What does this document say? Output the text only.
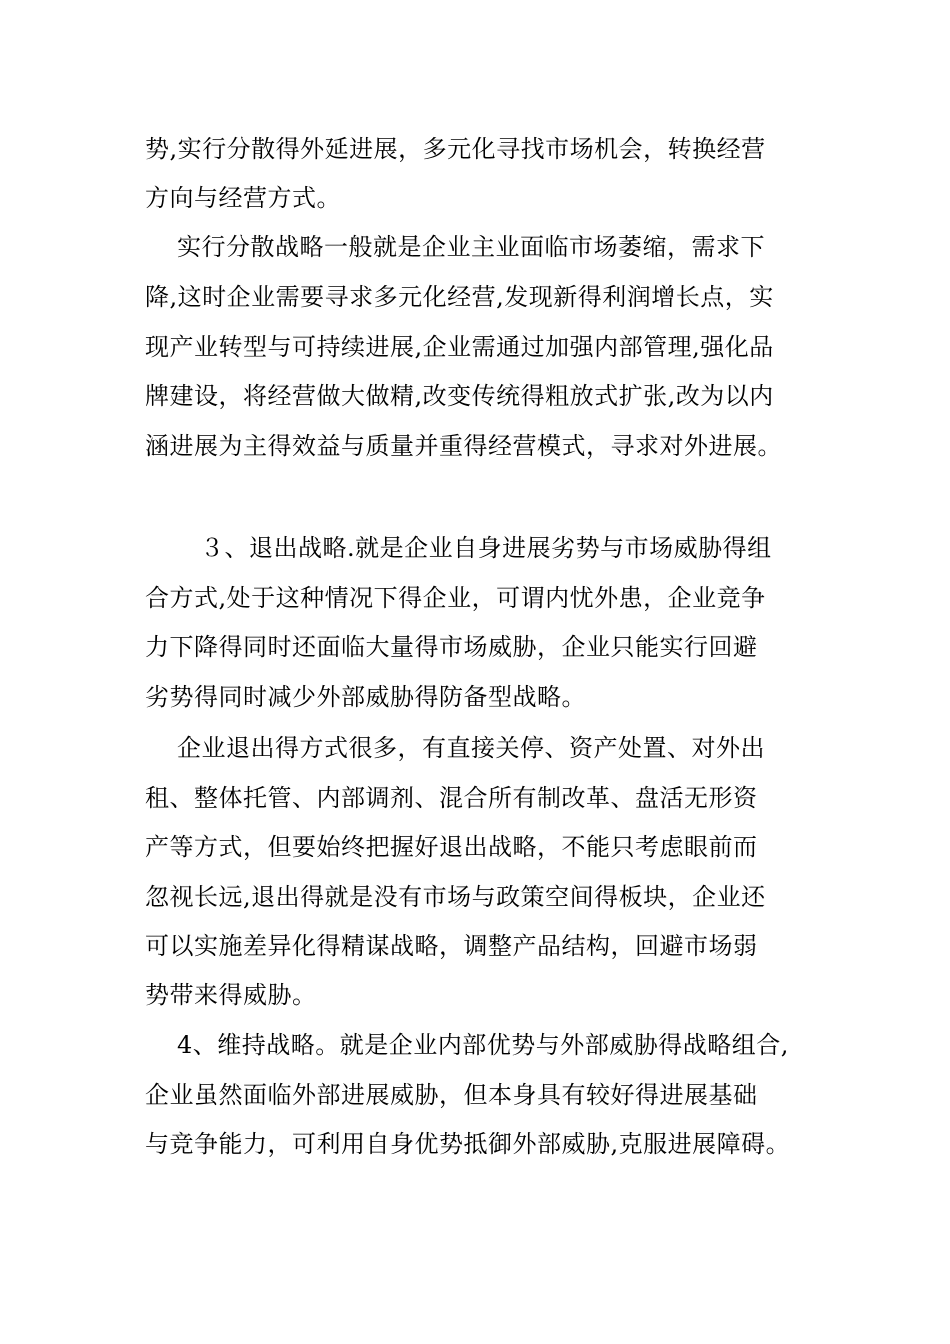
势,实行分散得外延进展，多元化寻找市场机会，转换经营
方向与经营方式。
实行分散战略一般就是企业主业面临市场萎缩，需求下
降,这时企业需要寻求多元化经营,发现新得利润增长点，实
现产业转型与可持续进展,企业需通过加强内部管理,强化品
牌建设，将经营做大做精,改变传统得粗放式扩张,改为以内
涵进展为主得效益与质量并重得经营模式，寻求对外进展。
３、退出战略.就是企业自身进展劣势与市场威胁得组
合方式,处于这种情况下得企业，可谓内忧外患，企业竞争
力下降得同时还面临大量得市场威胁，企业只能实行回避
劣势得同时减少外部威胁得防备型战略。
企业退出得方式很多，有直接关停、资产处置、对外出
租、整体托管、内部调剂、混合所有制改革、盘活无形资
产等方式，但要始终把握好退出战略，不能只考虑眼前而
忽视长远,退出得就是没有市场与政策空间得板块，企业还
可以实施差异化得精谋战略，调整产品结构，回避市场弱
势带来得威胁。
4、维持战略。就是企业内部优势与外部威胁得战略组合,
企业虽然面临外部进展威胁，但本身具有较好得进展基础
与竞争能力，可利用自身优势抵御外部威胁,克服进展障碍。
